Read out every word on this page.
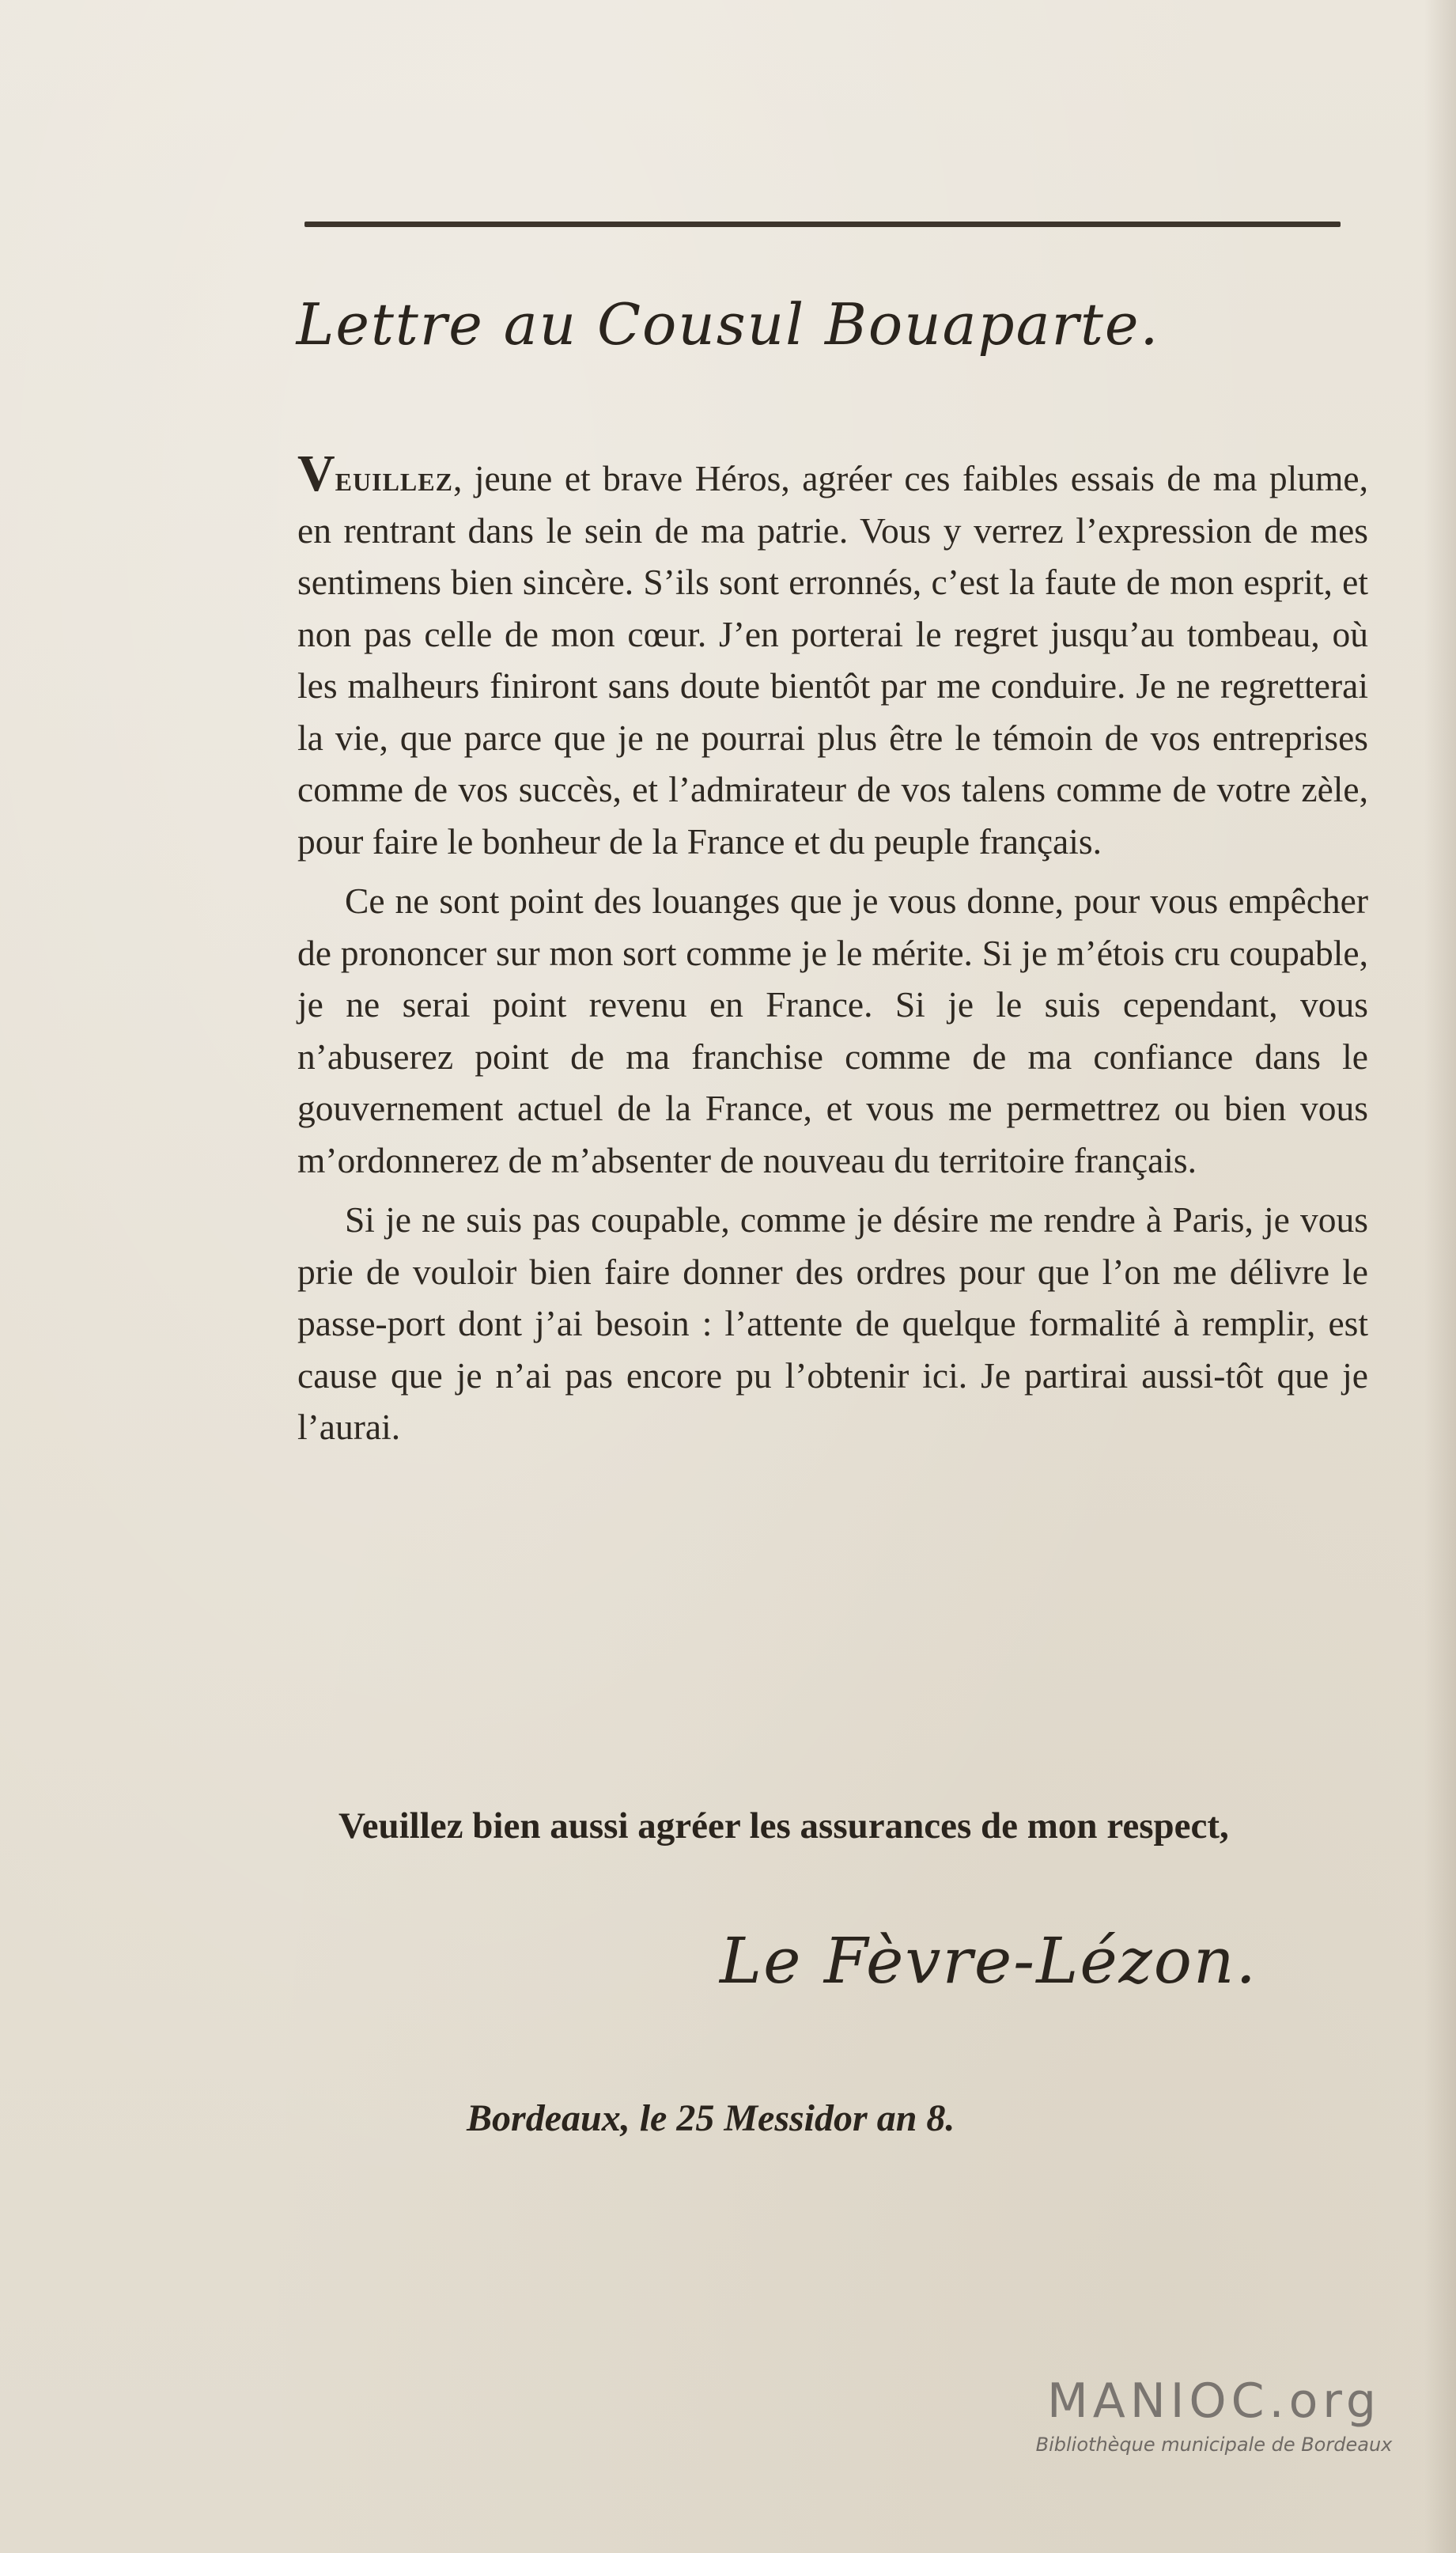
Lettre au Cousul Bouaparte.

Veuillez, jeune et brave Héros, agréer ces faibles essais de ma plume, en rentrant dans le sein de ma patrie. Vous y verrez l’expression de mes sentimens bien sincère. S’ils sont erronnés, c’est la faute de mon esprit, et non pas celle de mon cœur. J’en porterai le regret jusqu’au tombeau, où les malheurs finiront sans doute bientôt par me conduire. Je ne regretterai la vie, que parce que je ne pourrai plus être le témoin de vos entreprises comme de vos succès, et l’admirateur de vos talens comme de votre zèle, pour faire le bonheur de la France et du peuple français.

Ce ne sont point des louanges que je vous donne, pour vous empêcher de prononcer sur mon sort comme je le mérite. Si je m’étois cru coupable, je ne serai point revenu en France. Si je le suis cependant, vous n’abuserez point de ma franchise comme de ma confiance dans le gouvernement actuel de la France, et vous me permettrez ou bien vous m’ordonnerez de m’absenter de nouveau du territoire français.

Si je ne suis pas coupable, comme je désire me rendre à Paris, je vous prie de vouloir bien faire donner des ordres pour que l’on me délivre le passe-port dont j’ai besoin : l’attente de quelque formalité à remplir, est cause que je n’ai pas encore pu l’obtenir ici. Je partirai aussi-tôt que je l’aurai.

Veuillez bien aussi agréer les assurances de mon respect,
Le Fèvre-Lézon.
Bordeaux, le 25 Messidor an 8.
MANIOC.org
Bibliothèque municipale de Bordeaux
